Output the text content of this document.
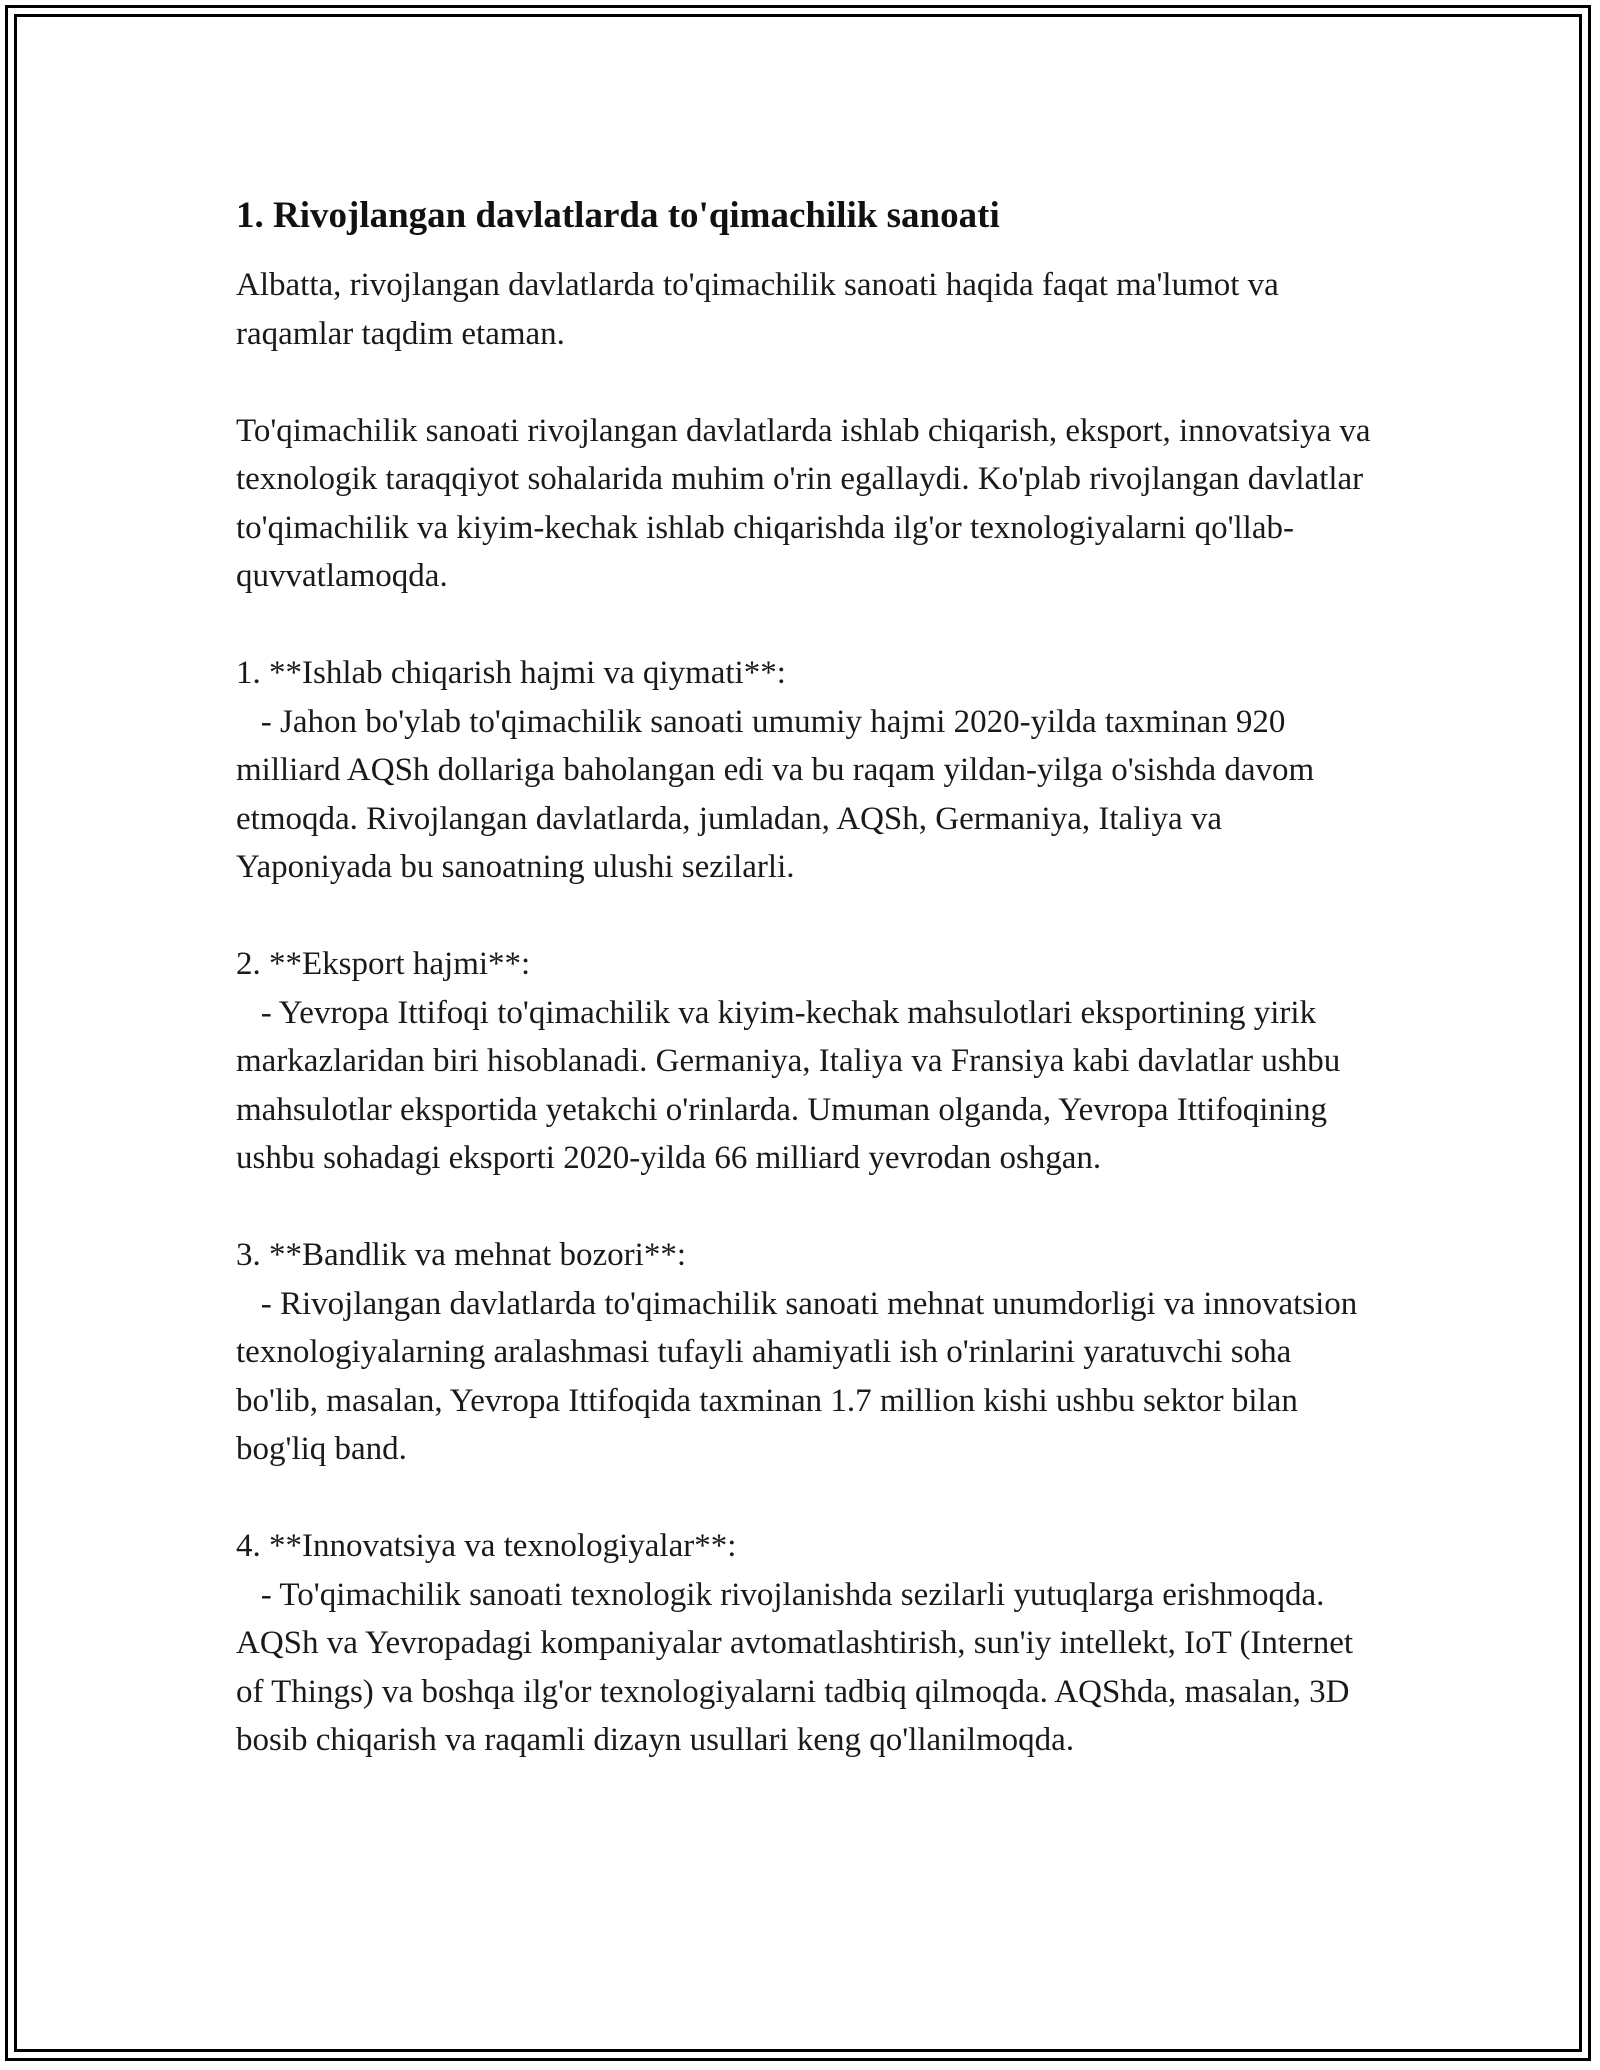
1. Rivojlangan davlatlarda to'qimachilik sanoati

Albatta, rivojlangan davlatlarda to'qimachilik sanoati haqida faqat ma'lumot va raqamlar taqdim etaman.

To'qimachilik sanoati rivojlangan davlatlarda ishlab chiqarish, eksport, innovatsiya va texnologik taraqqiyot sohalarida muhim o'rin egallaydi. Ko'plab rivojlangan davlatlar to'qimachilik va kiyim-kechak ishlab chiqarishda ilg'or texnologiyalarni qo'llab-quvvatlamoqda.

1. **Ishlab chiqarish hajmi va qiymati**:

- Jahon bo'ylab to'qimachilik sanoati umumiy hajmi 2020-yilda taxminan 920 milliard AQSh dollariga baholangan edi va bu raqam yildan-yilga o'sishda davom etmoqda. Rivojlangan davlatlarda, jumladan, AQSh, Germaniya, Italiya va Yaponiyada bu sanoatning ulushi sezilarli.

2. **Eksport hajmi**:

- Yevropa Ittifoqi to'qimachilik va kiyim-kechak mahsulotlari eksportining yirik markazlaridan biri hisoblanadi. Germaniya, Italiya va Fransiya kabi davlatlar ushbu mahsulotlar eksportida yetakchi o'rinlarda. Umuman olganda, Yevropa Ittifoqining ushbu sohadagi eksporti 2020-yilda 66 milliard yevrodan oshgan.

3. **Bandlik va mehnat bozori**:

- Rivojlangan davlatlarda to'qimachilik sanoati mehnat unumdorligi va innovatsion texnologiyalarning aralashmasi tufayli ahamiyatli ish o'rinlarini yaratuvchi soha bo'lib, masalan, Yevropa Ittifoqida taxminan 1.7 million kishi ushbu sektor bilan bog'liq band.

4. **Innovatsiya va texnologiyalar**:

- To'qimachilik sanoati texnologik rivojlanishda sezilarli yutuqlarga erishmoqda. AQSh va Yevropadagi kompaniyalar avtomatlashtirish, sun'iy intellekt, IoT (Internet of Things) va boshqa ilg'or texnologiyalarni tadbiq qilmoqda. AQShda, masalan, 3D bosib chiqarish va raqamli dizayn usullari keng qo'llanilmoqda.
